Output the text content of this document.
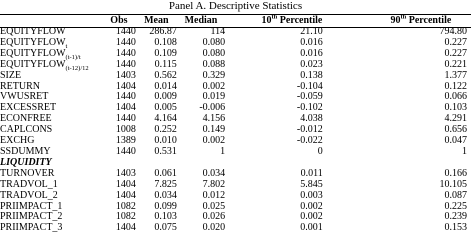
Panel A. Descriptive Statistics
	Obs	Mean	Median	10th Percentile	90th Percentile
EQUITYFLOW	1440	286.87	114	21.10	794.80
$EQUITYFLOW_t$	1440	0.108	0.080	0.016	0.227
$EQUITYFLOW_{(t-1)/t}$	1440	0.109	0.080	0.016	0.227
$EQUITYFLOW_{(t-12)/12}$	1440	0.115	0.088	0.023	0.221
SIZE	1403	0.562	0.329	0.138	1.377
RETURN	1404	0.014	0.002	-0.104	0.122
VWUSRET	1440	0.009	0.019	-0.059	0.066
EXCESSRET	1404	0.005	-0.006	-0.102	0.103
ECONFREE	1440	4.164	4.156	4.038	4.291
CAPLCONS	1008	0.252	0.149	-0.012	0.656
EXCHG	1389	0.010	0.002	-0.022	0.047
SSDUMMY	1440	0.531	1	0	1
LIQUIDITY					
TURNOVER	1403	0.061	0.034	0.011	0.166
TRADVOL_1	1404	7.825	7.802	5.845	10.105
TRADVOL_2	1404	0.034	0.012	0.003	0.087
PRIIMPACT_1	1082	0.099	0.025	0.002	0.225
PRIIMPACT_2	1082	0.103	0.026	0.002	0.239
PRIIMPACT_3	1404	0.075	0.020	0.001	0.153
